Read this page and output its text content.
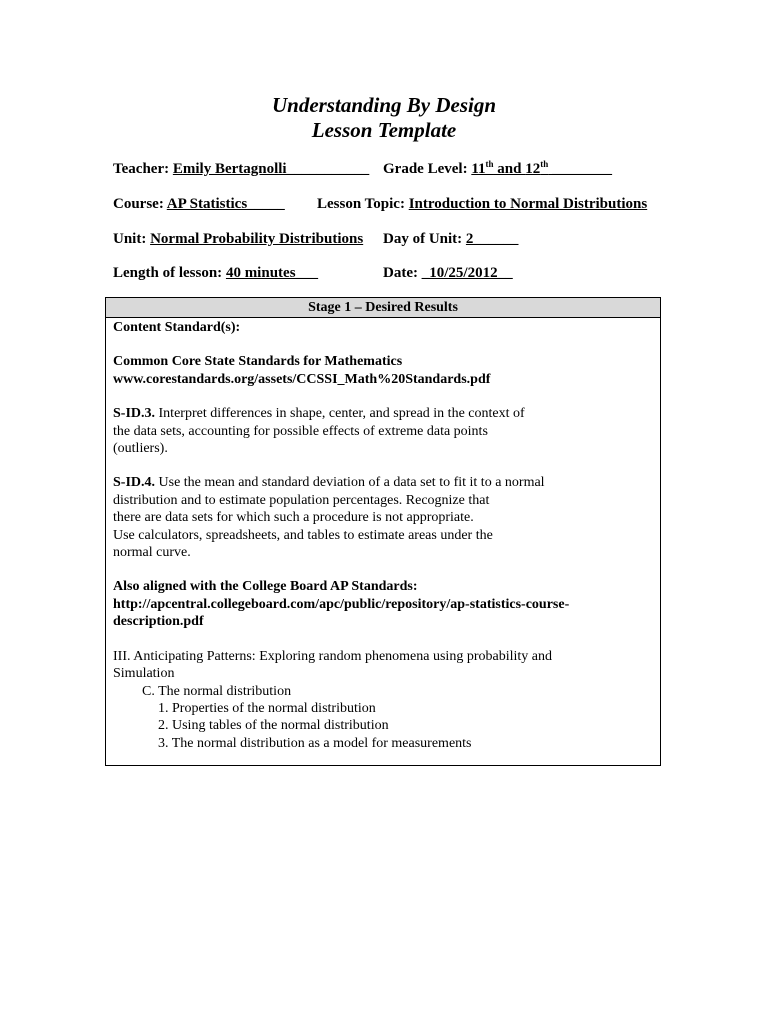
Understanding By Design
Lesson Template
Teacher: Emily Bertagnolli___________ Grade Level: 11th and 12th ________
Course: AP Statistics_____ Lesson Topic: Introduction to Normal Distributions
Unit: Normal Probability Distributions Day of Unit: 2______
Length of lesson: 40 minutes___	Date: _10/25/2012__
Stage 1 – Desired Results
Content Standard(s):
Common Core State Standards for Mathematics
www.corestandards.org/assets/CCSSI_Math%20Standards.pdf
S-ID.3. Interpret differences in shape, center, and spread in the context of
the data sets, accounting for possible effects of extreme data points
(outliers).
S-ID.4. Use the mean and standard deviation of a data set to fit it to a normal
distribution and to estimate population percentages. Recognize that
there are data sets for which such a procedure is not appropriate.
Use calculators, spreadsheets, and tables to estimate areas under the
normal curve.
Also aligned with the College Board AP Standards:
http://apcentral.collegeboard.com/apc/public/repository/ap-statistics-course-
description.pdf
III. Anticipating Patterns: Exploring random phenomena using probability and
Simulation
C. The normal distribution
1. Properties of the normal distribution
2. Using tables of the normal distribution
3. The normal distribution as a model for measurements
